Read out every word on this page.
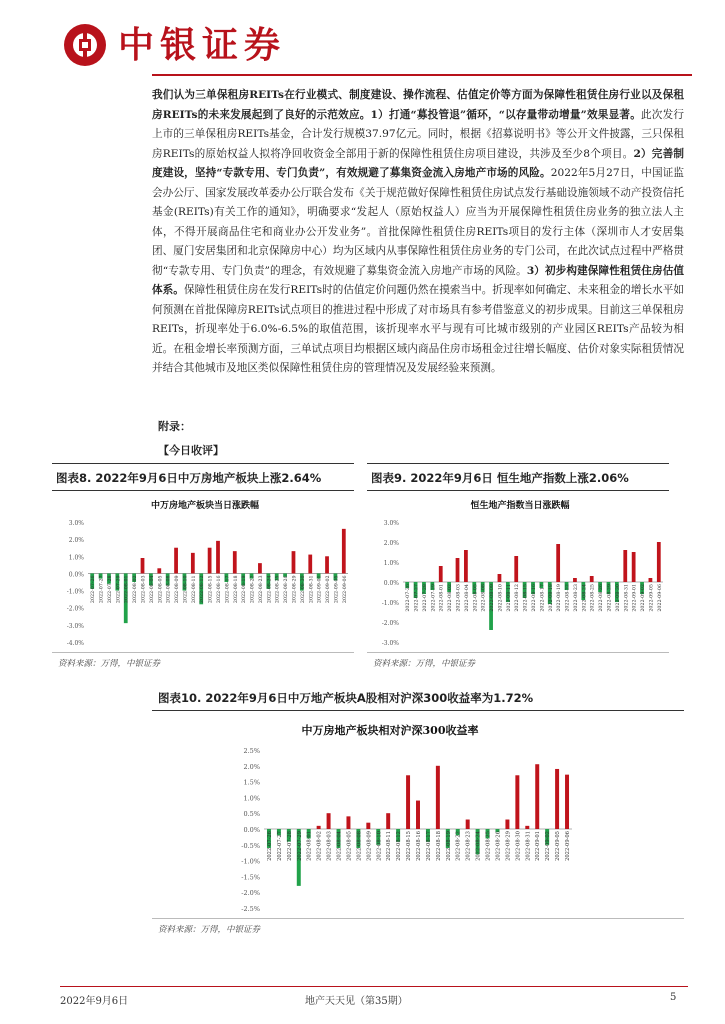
中银证券
我们认为三单保租房REITs在行业模式、制度建设、操作流程、估值定价等方面为保障性租赁住房行业以及保租房REITs的未来发展起到了良好的示范效应。1）打通“募投管退”循环，“以存量带动增量”效果显著。此次发行上市的三单保租房REITs基金，合计发行规模37.97亿元。同时，根据《招募说明书》等公开文件披露，三只保租房REITs的原始权益人拟将净回收资金全部用于新的保障性租赁住房项目建设，共涉及至少8个项目。2）完善制度建设，坚持“专款专用、专门负责”，有效规避了募集资金流入房地产市场的风险。2022年5月27日，中国证监会办公厅、国家发展改革委办公厅联合发布《关于规范做好保障性租赁住房试点发行基础设施领域不动产投资信托基金(REITs)有关工作的通知》，明确要求“发起人（原始权益人）应当为开展保障性租赁住房业务的独立法人主体，不得开展商品住宅和商业办公开发业务”。首批保障性租赁住房REITs项目的发行主体（深圳市人才安居集团、厦门安居集团和北京保障房中心）均为区域内从事保障性租赁住房业务的专门公司，在此次试点过程中严格贯彻“专款专用、专门负责”的理念，有效规避了募集资金流入房地产市场的风险。3）初步构建保障性租赁住房估值体系。保障性租赁住房在发行REITs时的估值定价问题仍然在摸索当中。折现率如何确定、未来租金的增长水平如何预测在首批保障房REITs试点项目的推进过程中形成了对市场具有参考借鉴意义的初步成果。目前这三单保租房REITs，折现率处于6.0%-6.5%的取值范围，该折现率水平与现有可比城市级别的产业园区REITs产品较为相近。在租金增长率预测方面，三单试点项目均根据区域内商品住房市场租金过往增长幅度、估价对象实际租赁情况并结合其他城市及地区类似保障性租赁住房的管理情况及发展经验来预测。
附录：
【今日收评】
图表8. 2022年9月6日中万房地产板块上涨2.64%
中万房地产板块当日涨跌幅
3.0%
2.0%
1.0%
0.0%
-1.0%
-2.0%
-3.0%
-4.0%
2022-07-26 2022-07-27 2022-07-28 2022-07-29 2022-08-01 2022-08-02 2022-08-03 2022-08-04 2022-08-05 2022-08-08 2022-08-09 2022-08-10 2022-08-11 2022-08-12 2022-08-15 2022-08-16 2022-08-17 2022-08-18 2022-08-19 2022-08-22 2022-08-23 2022-08-24 2022-08-25 2022-08-26 2022-08-29 2022-08-30 2022-08-31 2022-09-01 2022-09-02 2022-09-05 2022-09-06
资料来源：万得，中银证券
图表9. 2022年9月6日 恒生地产指数上涨2.06%
恒生地产指数当日涨跌幅
3.0%
2.0%
1.0%
0.0%
-1.0%
-2.0%
-3.0%
2022-07-26 2022-07-27 2022-07-28 2022-07-29 2022-08-01 2022-08-02 2022-08-03 2022-08-04 2022-08-05 2022-08-08 2022-08-09 2022-08-10 2022-08-11 2022-08-12 2022-08-15 2022-08-16 2022-08-17 2022-08-18 2022-08-19 2022-08-22 2022-08-23 2022-08-24 2022-08-25 2022-08-26 2022-08-29 2022-08-30 2022-08-31 2022-09-01 2022-09-02 2022-09-05 2022-09-06
资料来源：万得，中银证券
图表10. 2022年9月6日中万地产板块A股相对沪深300收益率为1.72%
中万房地产板块相对沪深300收益率
2.5%
2.0%
1.5%
1.0%
0.5%
0.0%
-0.5%
-1.0%
-1.5%
-2.0%
-2.5%
2022-07-26 2022-07-27 2022-07-28 2022-07-29 2022-08-01 2022-08-02 2022-08-03 2022-08-04 2022-08-05 2022-08-08 2022-08-09 2022-08-10 2022-08-11 2022-08-12 2022-08-15 2022-08-16 2022-08-17 2022-08-18 2022-08-19 2022-08-22 2022-08-23 2022-08-24 2022-08-25 2022-08-26 2022-08-29 2022-08-30 2022-08-31 2022-09-01 2022-09-02 2022-09-05 2022-09-06
资料来源：万得，中银证券
2022年9月6日	地产天天见（第35期）	5
